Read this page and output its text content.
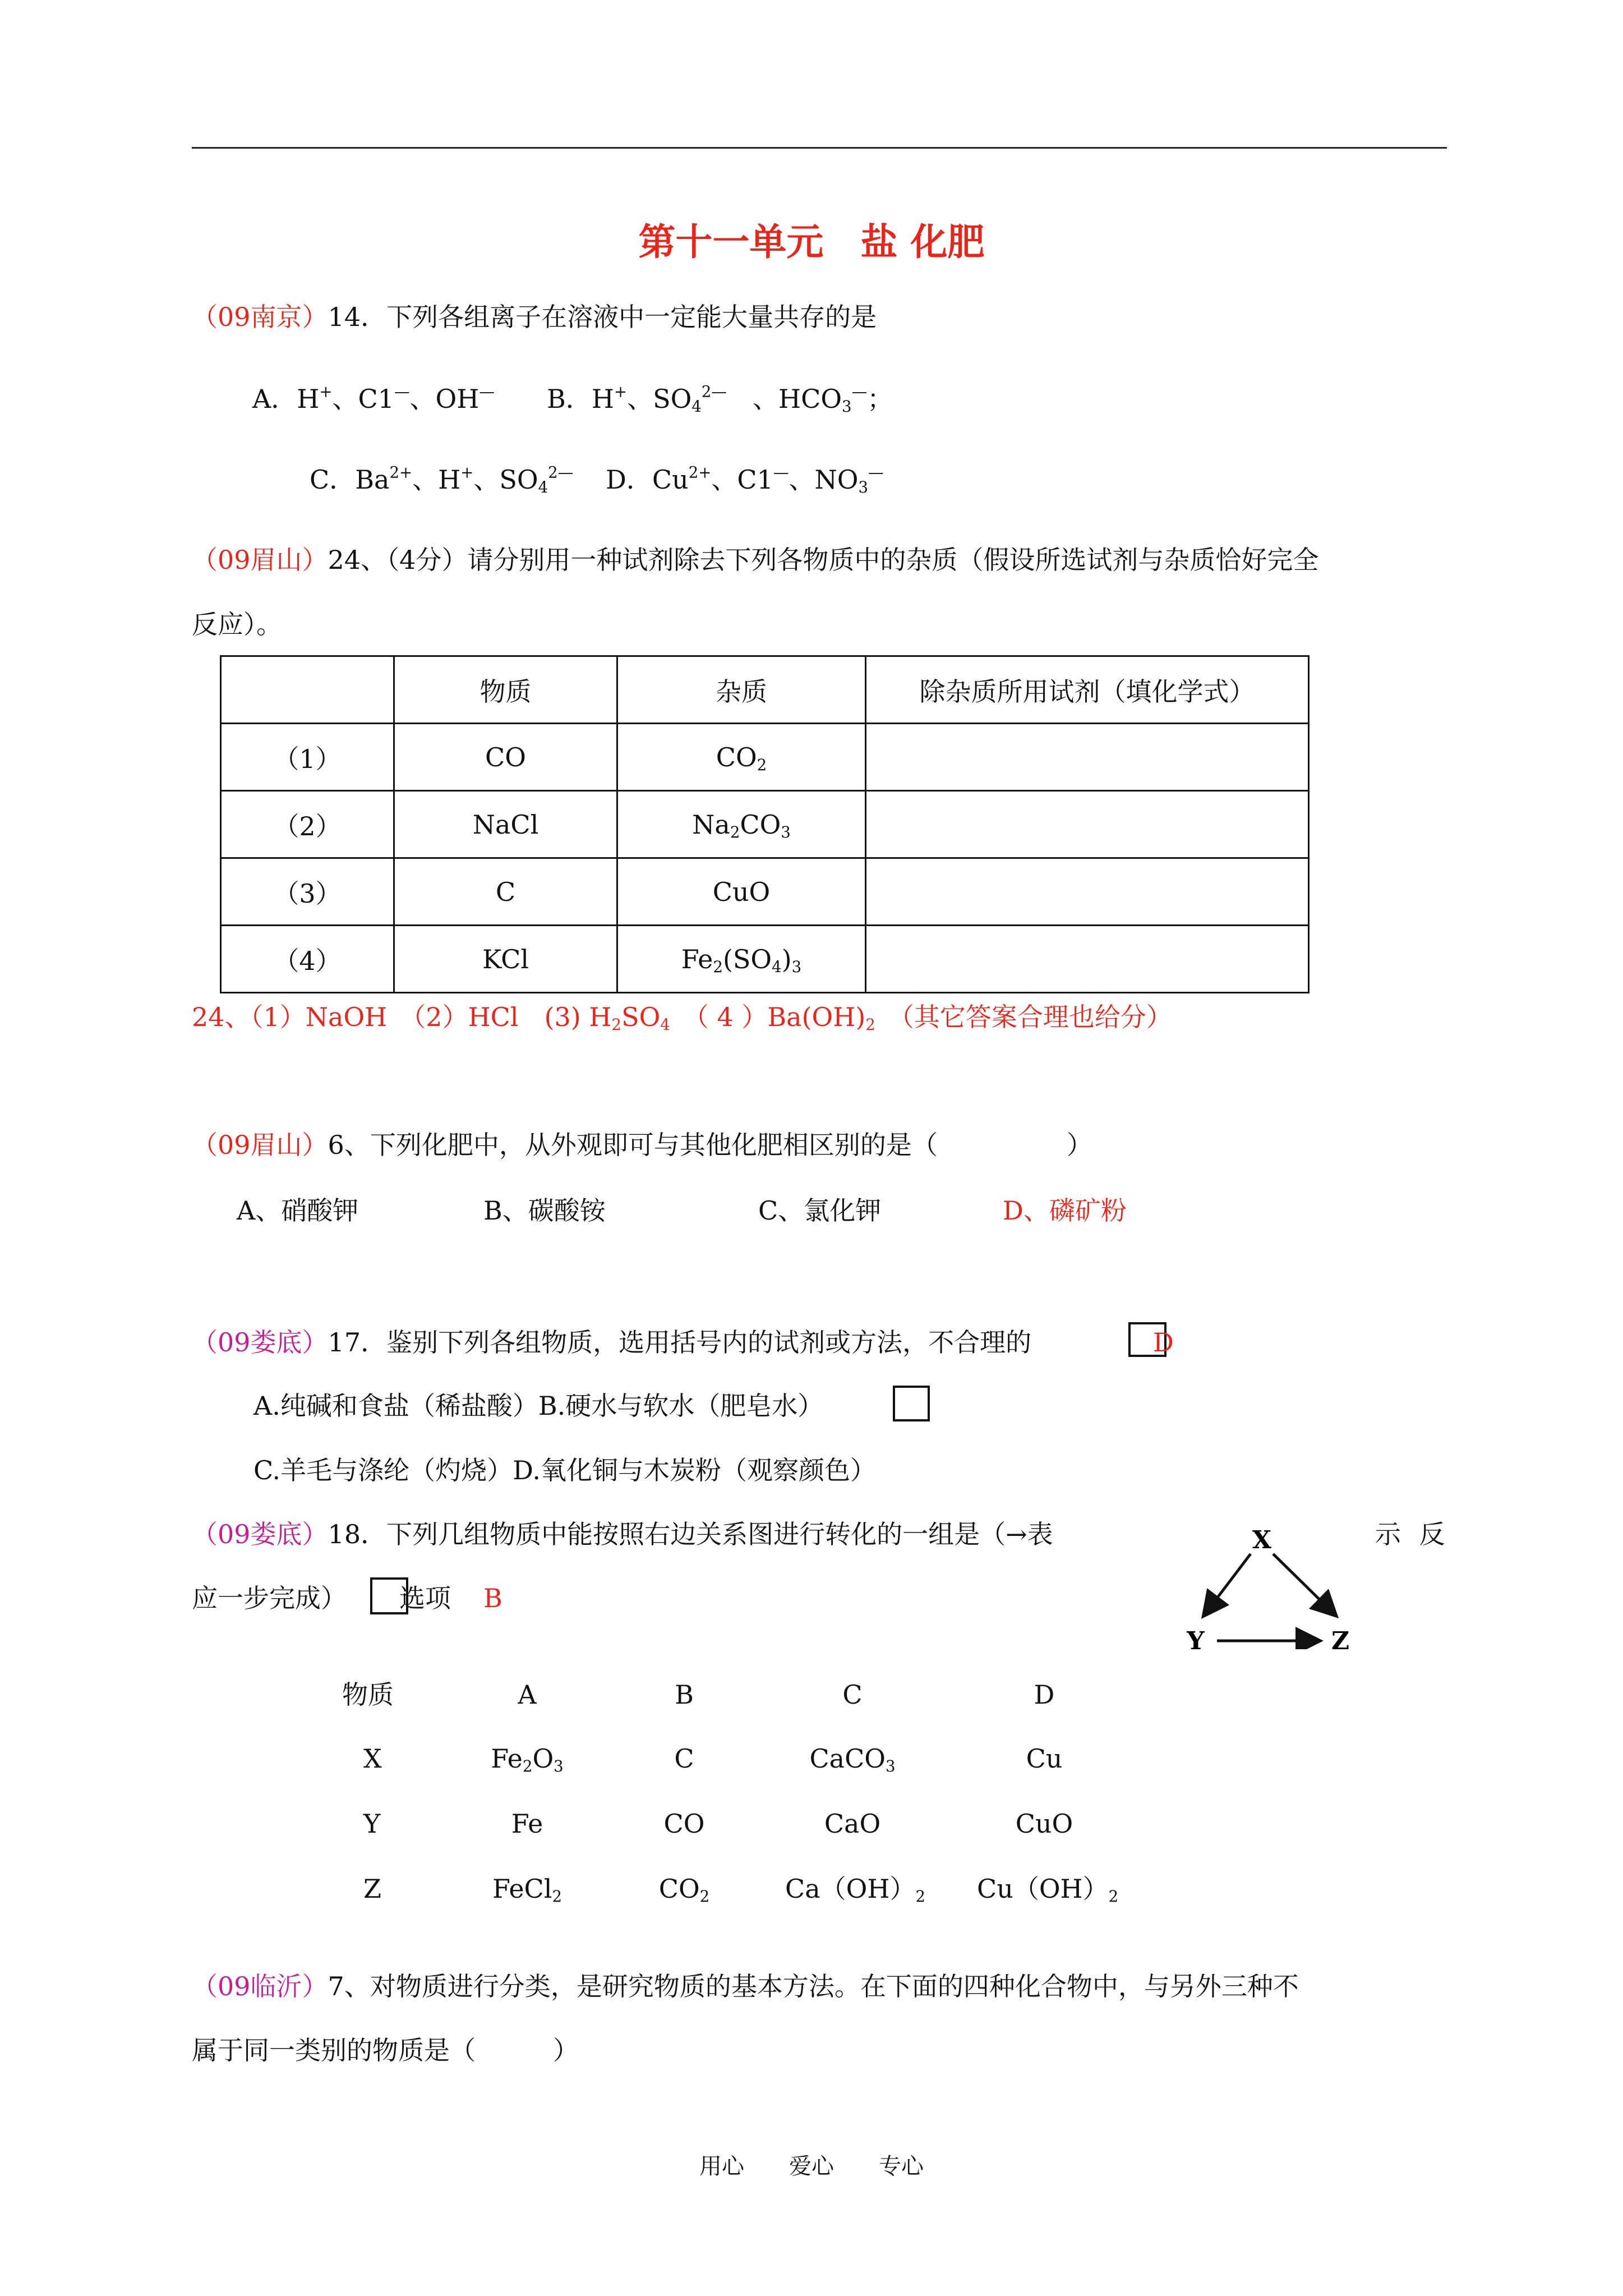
第十一单元　盐 化肥
（09南京）14．下列各组离子在溶液中一定能大量共存的是
A．H+、C1—、OH— B．H+、$SO_4^{2—}$　、$HCO_3^—$；
C．$Ba^{2+}$、H+、$SO_4^{2—}$ D．$Cu^{2+}$、C1—、$NO_3^—$
（09眉山）24、（4分）请分别用一种试剂除去下列各物质中的杂质（假设所选试剂与杂质恰好完全
反应）。
	物质	杂质	除杂质所用试剂（填化学式）
（1）	CO	$CO_2$	
（2）	NaCl	$Na_2CO_3$	
（3）	C	CuO	
（4）	KCl	$Fe_2(SO_4)_3$	
24、（1）NaOH　（2）HCl　(3) $H_2SO_4$　（ 4 ）$Ba(OH)_2$　（其它答案合理也给分）
（09眉山）6、下列化肥中，从外观即可与其他化肥相区别的是（　　　　　）
A、硝酸钾	B、碳酸铵	C、氯化钾	D、磷矿粉
（09娄底）17．鉴别下列各组物质，选用括号内的试剂或方法，不合理的	D
A.纯碱和食盐（稀盐酸）B.硬水与软水（肥皂水）
C.羊毛与涤纶（灼烧）D.氧化铜与木炭粉（观察颜色）
（09娄底）18．下列几组物质中能按照右边关系图进行转化的一组是（→表	示 反
应一步完成） 选项 B
X
Y	Z
物质	A	B	C	D
X	$Fe_2O_3$	C	CaCO$_3$	Cu
Y	Fe	CO	CaO	CuO
Z	FeCl$_2$	$CO_2$	$Ca(OH)_2$ $Cu(OH)_2$
（09临沂）7、对物质进行分类，是研究物质的基本方法。在下面的四种化合物中，与另外三种不
属于同一类别的物质是（　　　）
用心　　爱心　　专心
